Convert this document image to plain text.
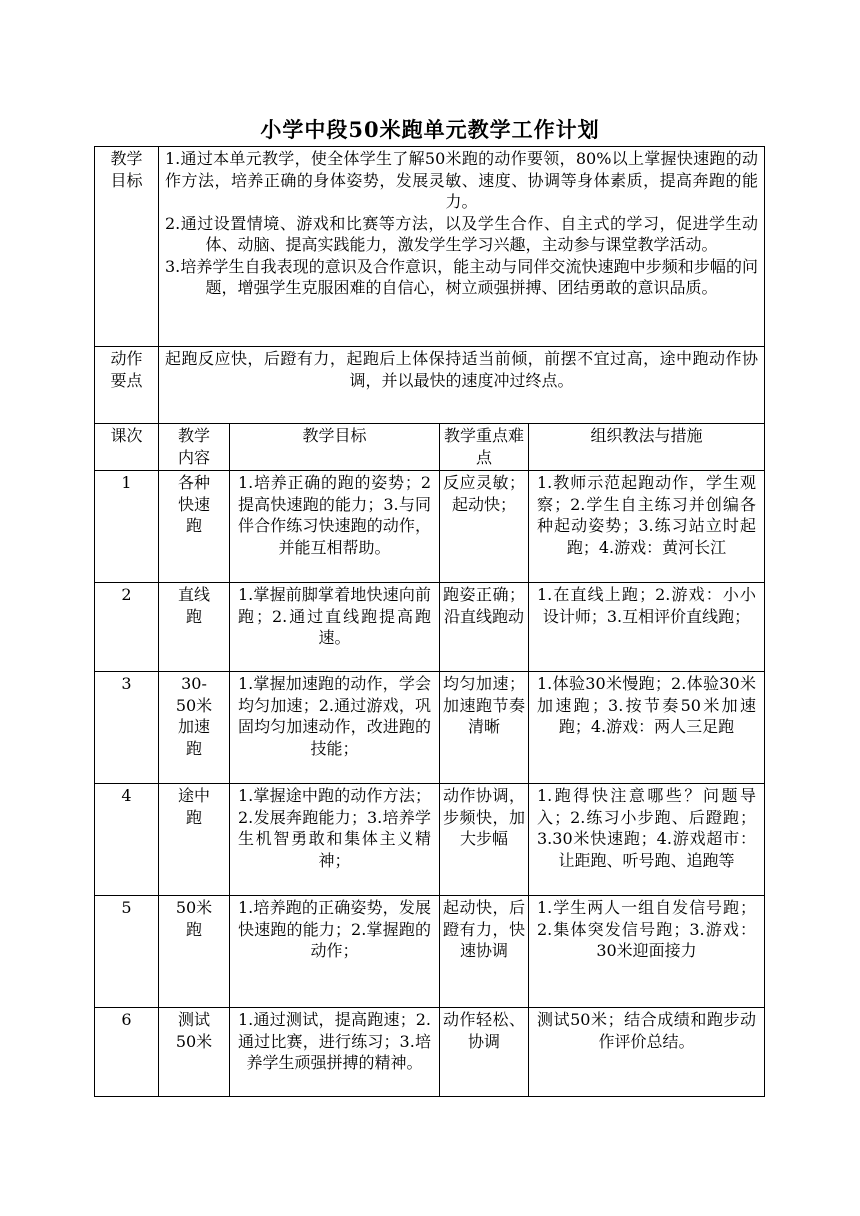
小学中段50米跑单元教学工作计划
教学目标	1.通过本单元教学，使全体学生了解50米跑的动作要领，80%以上掌握快速跑的动作方法，培养正确的身体姿势，发展灵敏、速度、协调等身体素质，提高奔跑的能力。
2.通过设置情境、游戏和比赛等方法，以及学生合作、自主式的学习，促进学生动体、动脑、提高实践能力，激发学生学习兴趣，主动参与课堂教学活动。
3.培养学生自我表现的意识及合作意识，能主动与同伴交流快速跑中步频和步幅的问题，增强学生克服困难的自信心，树立顽强拼搏、团结勇敢的意识品质。			

动作要点	起跑反应快，后蹬有力，起跑后上体保持适当前倾，前摆不宜过高，途中跑动作协调，并以最快的速度冲过终点。			
课次	教学内容	教学目标	教学重点难点	组织教法与措施
1	各种快速跑	1.培养正确的跑的姿势；2提高快速跑的能力；3.与同伴合作练习快速跑的动作，并能互相帮助。	反应灵敏；起动快；	1.教师示范起跑动作，学生观察；2.学生自主练习并创编各种起动姿势；3.练习站立时起跑；4.游戏：黄河长江
2	直线跑	1.掌握前脚掌着地快速向前跑；2.通过直线跑提高跑速。	跑姿正确；沿直线跑动	1.在直线上跑；2.游戏：小小设计师；3.互相评价直线跑；
3	30-50米加速跑	1.掌握加速跑的动作，学会均匀加速；2.通过游戏，巩固均匀加速动作，改进跑的技能；	均匀加速；加速跑节奏清晰	1.体验30米慢跑；2.体验30米加速跑；3.按节奏50米加速跑；4.游戏：两人三足跑
4	途中跑	1.掌握途中跑的动作方法；2.发展奔跑能力；3.培养学生机智勇敢和集体主义精神；	动作协调，步频快，加大步幅	1.跑得快注意哪些？问题导入；2.练习小步跑、后蹬跑；3.30米快速跑；4.游戏超市：让距跑、听号跑、追跑等
5	50米跑	1.培养跑的正确姿势，发展快速跑的能力；2.掌握跑的动作；	起动快，后蹬有力，快速协调	1.学生两人一组自发信号跑；2.集体突发信号跑；3.游戏：30米迎面接力
6	测试50米	1.通过测试，提高跑速；2.通过比赛，进行练习；3.培养学生顽强拼搏的精神。	动作轻松、协调	测试50米；结合成绩和跑步动作评价总结。
